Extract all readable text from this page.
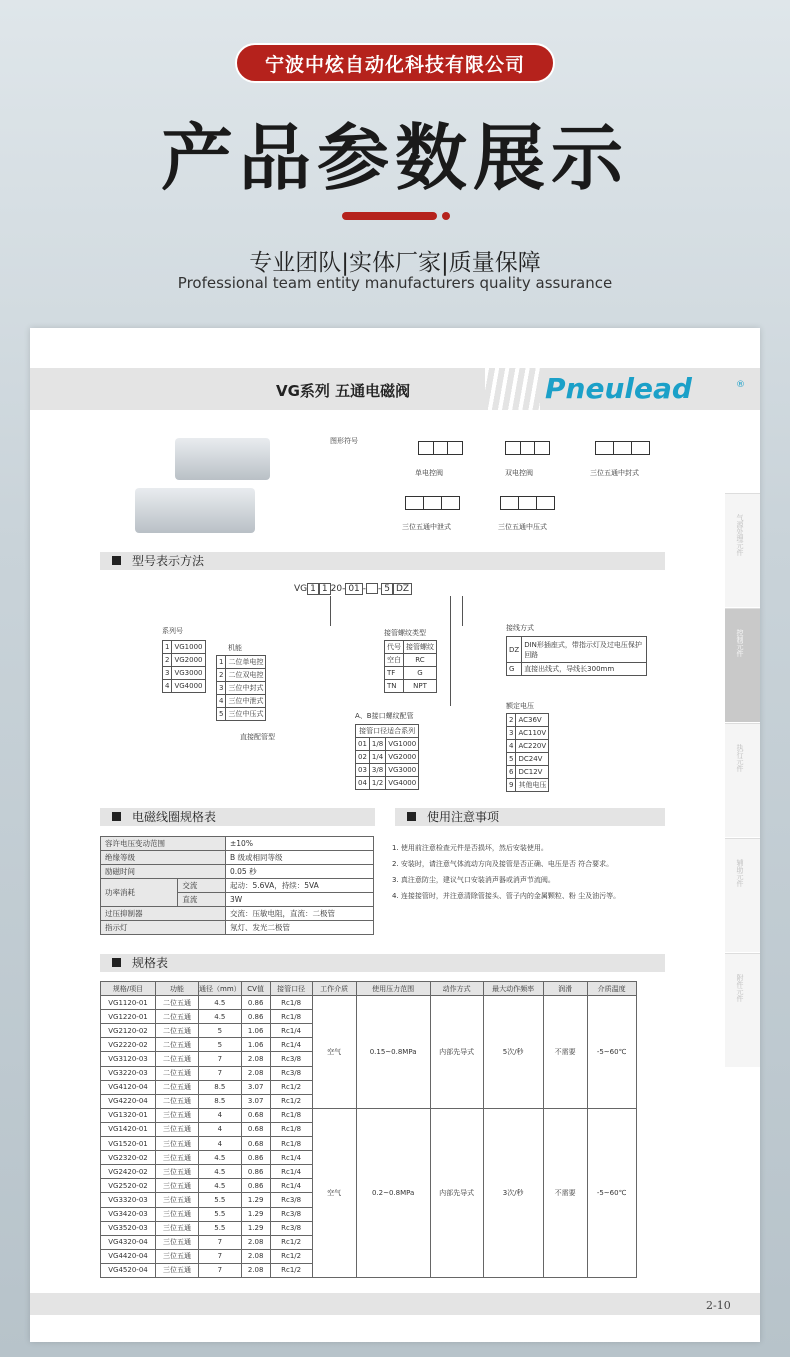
宁波中炫自动化科技有限公司
产品参数展示
专业团队|实体厂家|质量保障
Professional team entity manufacturers quality assurance
VG系列 五通电磁阀	Pneulead	®
图形符号
单电控阀	双电控阀	三位五通中封式
三位五通中泄式	三位五通中压式	气源处理元件
控制元件
执行元件
辅助元件
附件元件
型号表示方法
VG 1 1 20- 01 - - 5 DZ
系列号
1	VG1000
2	VG2000
3	VG3000
4	VG4000
机能
1	二位单电控
2	二位双电控
3	三位中封式
4	三位中泄式
5	三位中压式
直接配管型
接管螺纹类型
代号	接管螺纹
空白	RC
TF	G
TN	NPT
A、B接口螺纹配管
接管口径适合系列		
01	1/8	VG1000
02	1/4	VG2000
03	3/8	VG3000
04	1/2	VG4000
接线方式
DZ	DIN形插座式，带指示灯及过电压保护回路
G	直接出线式，导线长300mm
额定电压
2	AC36V
3	AC110V
4	AC220V
5	DC24V
6	DC12V
9	其他电压
电磁线圈规格表
容许电压变动范围		±10%
绝缘等级		B 级或相同等级
励磁时间		0.05 秒
功率消耗	交流	起动：5.6VA，持续：5VA
	直流	3W
过压抑制器		交流：压敏电阻，直流：二极管
指示灯		氖灯、发光二极管
使用注意事项
1. 使用前注意检查元件是否损坏，然后安装使用。
2. 安装时，请注意气体流动方向及接管是否正确、电压是否 符合要求。
3. 真注意防尘，建议气口安装消声器或消声节流阀。
4. 连接接管时，并注意清除管接头、管子内的金属颗粒、粉 尘及油污等。
规格表
规格/项目	功能	通径（mm）	CV值	接管口径	工作介质	使用压力范围	动作方式	最大动作频率	润滑	介质温度
VG1120-01	二位五通	4.5	0.86	Rc1/8	空气	0.15~0.8MPa	内部先导式	5次/秒	不需要	-5~60℃
VG1220-01	二位五通	4.5	0.86	Rc1/8						
VG2120-02	二位五通	5	1.06	Rc1/4						
VG2220-02	二位五通	5	1.06	Rc1/4						
VG3120-03	二位五通	7	2.08	Rc3/8						
VG3220-03	二位五通	7	2.08	Rc3/8						
VG4120-04	二位五通	8.5	3.07	Rc1/2						
VG4220-04	二位五通	8.5	3.07	Rc1/2						
VG1320-01	三位五通	4	0.68	Rc1/8	空气	0.2~0.8MPa	内部先导式	3次/秒	不需要	-5~60℃
VG1420-01	三位五通	4	0.68	Rc1/8						
VG1520-01	三位五通	4	0.68	Rc1/8						
VG2320-02	三位五通	4.5	0.86	Rc1/4						
VG2420-02	三位五通	4.5	0.86	Rc1/4						
VG2520-02	三位五通	4.5	0.86	Rc1/4						
VG3320-03	三位五通	5.5	1.29	Rc3/8						
VG3420-03	三位五通	5.5	1.29	Rc3/8						
VG3520-03	三位五通	5.5	1.29	Rc3/8						
VG4320-04	三位五通	7	2.08	Rc1/2						
VG4420-04	三位五通	7	2.08	Rc1/2						
VG4520-04	三位五通	7	2.08	Rc1/2						
2-10
